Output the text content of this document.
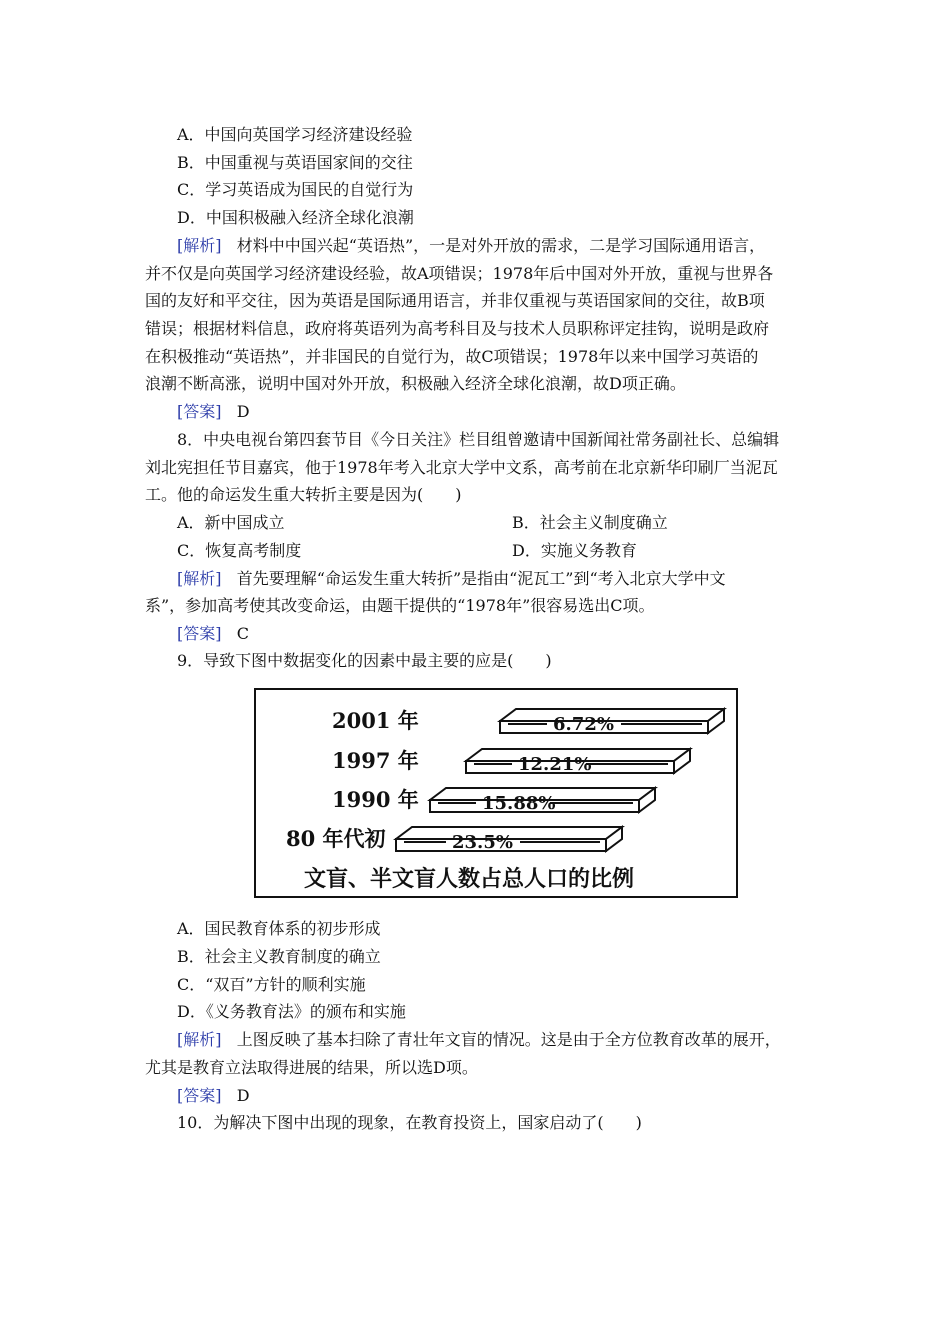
A．中国向英国学习经济建设经验
B．中国重视与英语国家间的交往
C．学习英语成为国民的自觉行为
D．中国积极融入经济全球化浪潮
[解析] 材料中中国兴起“英语热”，一是对外开放的需求，二是学习国际通用语言，
并不仅是向英国学习经济建设经验，故A项错误；1978年后中国对外开放，重视与世界各
国的友好和平交往，因为英语是国际通用语言，并非仅重视与英语国家间的交往，故B项
错误；根据材料信息，政府将英语列为高考科目及与技术人员职称评定挂钩，说明是政府
在积极推动“英语热”，并非国民的自觉行为，故C项错误；1978年以来中国学习英语的
浪潮不断高涨，说明中国对外开放，积极融入经济全球化浪潮，故D项正确。
[答案] D
8．中央电视台第四套节目《今日关注》栏目组曾邀请中国新闻社常务副社长、总编辑
刘北宪担任节目嘉宾，他于1978年考入北京大学中文系，高考前在北京新华印刷厂当泥瓦
工。他的命运发生重大转折主要是因为(　　)
A．新中国成立	B．社会主义制度确立
C．恢复高考制度	D．实施义务教育
[解析] 首先要理解“命运发生重大转折”是指由“泥瓦工”到“考入北京大学中文
系”，参加高考使其改变命运，由题干提供的“1978年”很容易选出C项。
[答案] C
9．导致下图中数据变化的因素中最主要的应是(　　)
23.5%
80 年代初
15.88%
1990 年
12.21%
1997 年
6.72%
2001 年
文盲、半文盲人数占总人口的比例
A．国民教育体系的初步形成
B．社会主义教育制度的确立
C．“双百”方针的顺利实施
D．《义务教育法》的颁布和实施
[解析] 上图反映了基本扫除了青壮年文盲的情况。这是由于全方位教育改革的展开，
尤其是教育立法取得进展的结果，所以选D项。
[答案] D
10．为解决下图中出现的现象，在教育投资上，国家启动了(　　)
